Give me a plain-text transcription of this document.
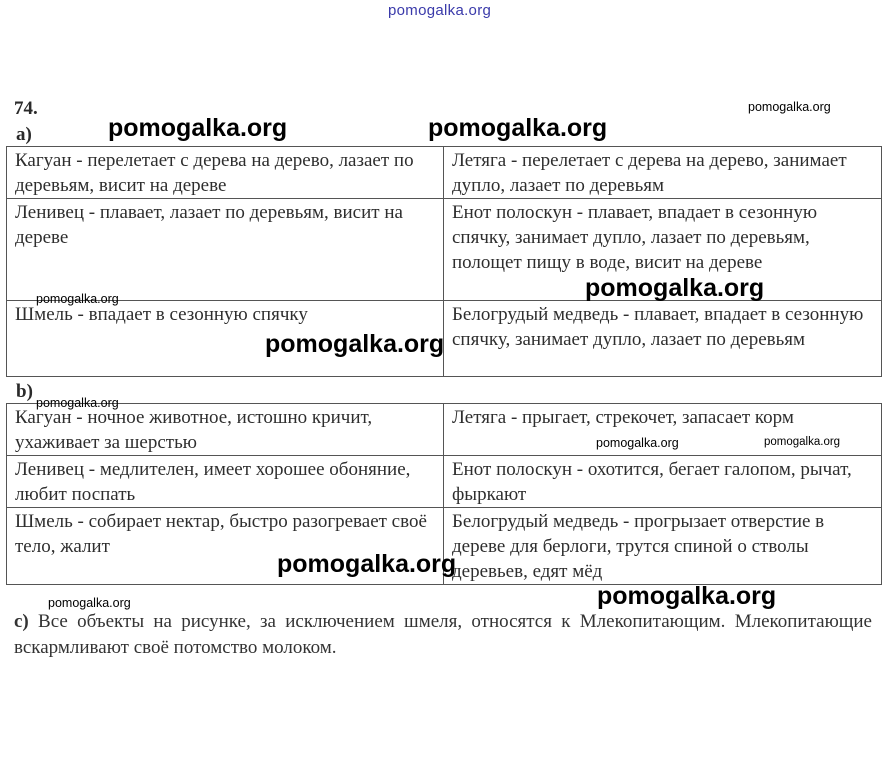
pomogalka.org
74.
a)
Кагуан - перелетает с дерева на дерево, лазает по деревьям, висит на дереве	Летяга - перелетает с дерева на дерево, занимает дупло, лазает по деревьям
Ленивец - плавает, лазает по деревьям, висит на дереве	Енот полоскун - плавает, впадает в сезонную спячку, занимает дупло, лазает по деревьям, полощет пищу в воде, висит на дереве
Шмель - впадает в сезонную спячку	Белогрудый медведь - плавает, впадает в сезонную спячку, занимает дупло, лазает по деревьям
b)
Кагуан - ночное животное, истошно кричит, ухаживает за шерстью	Летяга - прыгает, стрекочет, запасает корм
Ленивец - медлителен, имеет хорошее обоняние, любит поспать	Енот полоскун - охотится, бегает галопом, рычат, фыркают
Шмель - собирает нектар, быстро разогревает своё тело, жалит	Белогрудый медведь - прогрызает отверстие в дереве для берлоги, трутся спиной о стволы деревьев, едят мёд
c) Все объекты на рисунке, за исключением шмеля, относятся к Млекопитающим. Млекопитающие вскармливают своё потомство молоком.
pomogalka.org	pomogalka.org
pomogalka.org
pomogalka.org
pomogalka.org
pomogalka.org
pomogalka.org
pomogalka.org
pomogalka.org
pomogalka.org	pomogalka.org
pomogalka.org
